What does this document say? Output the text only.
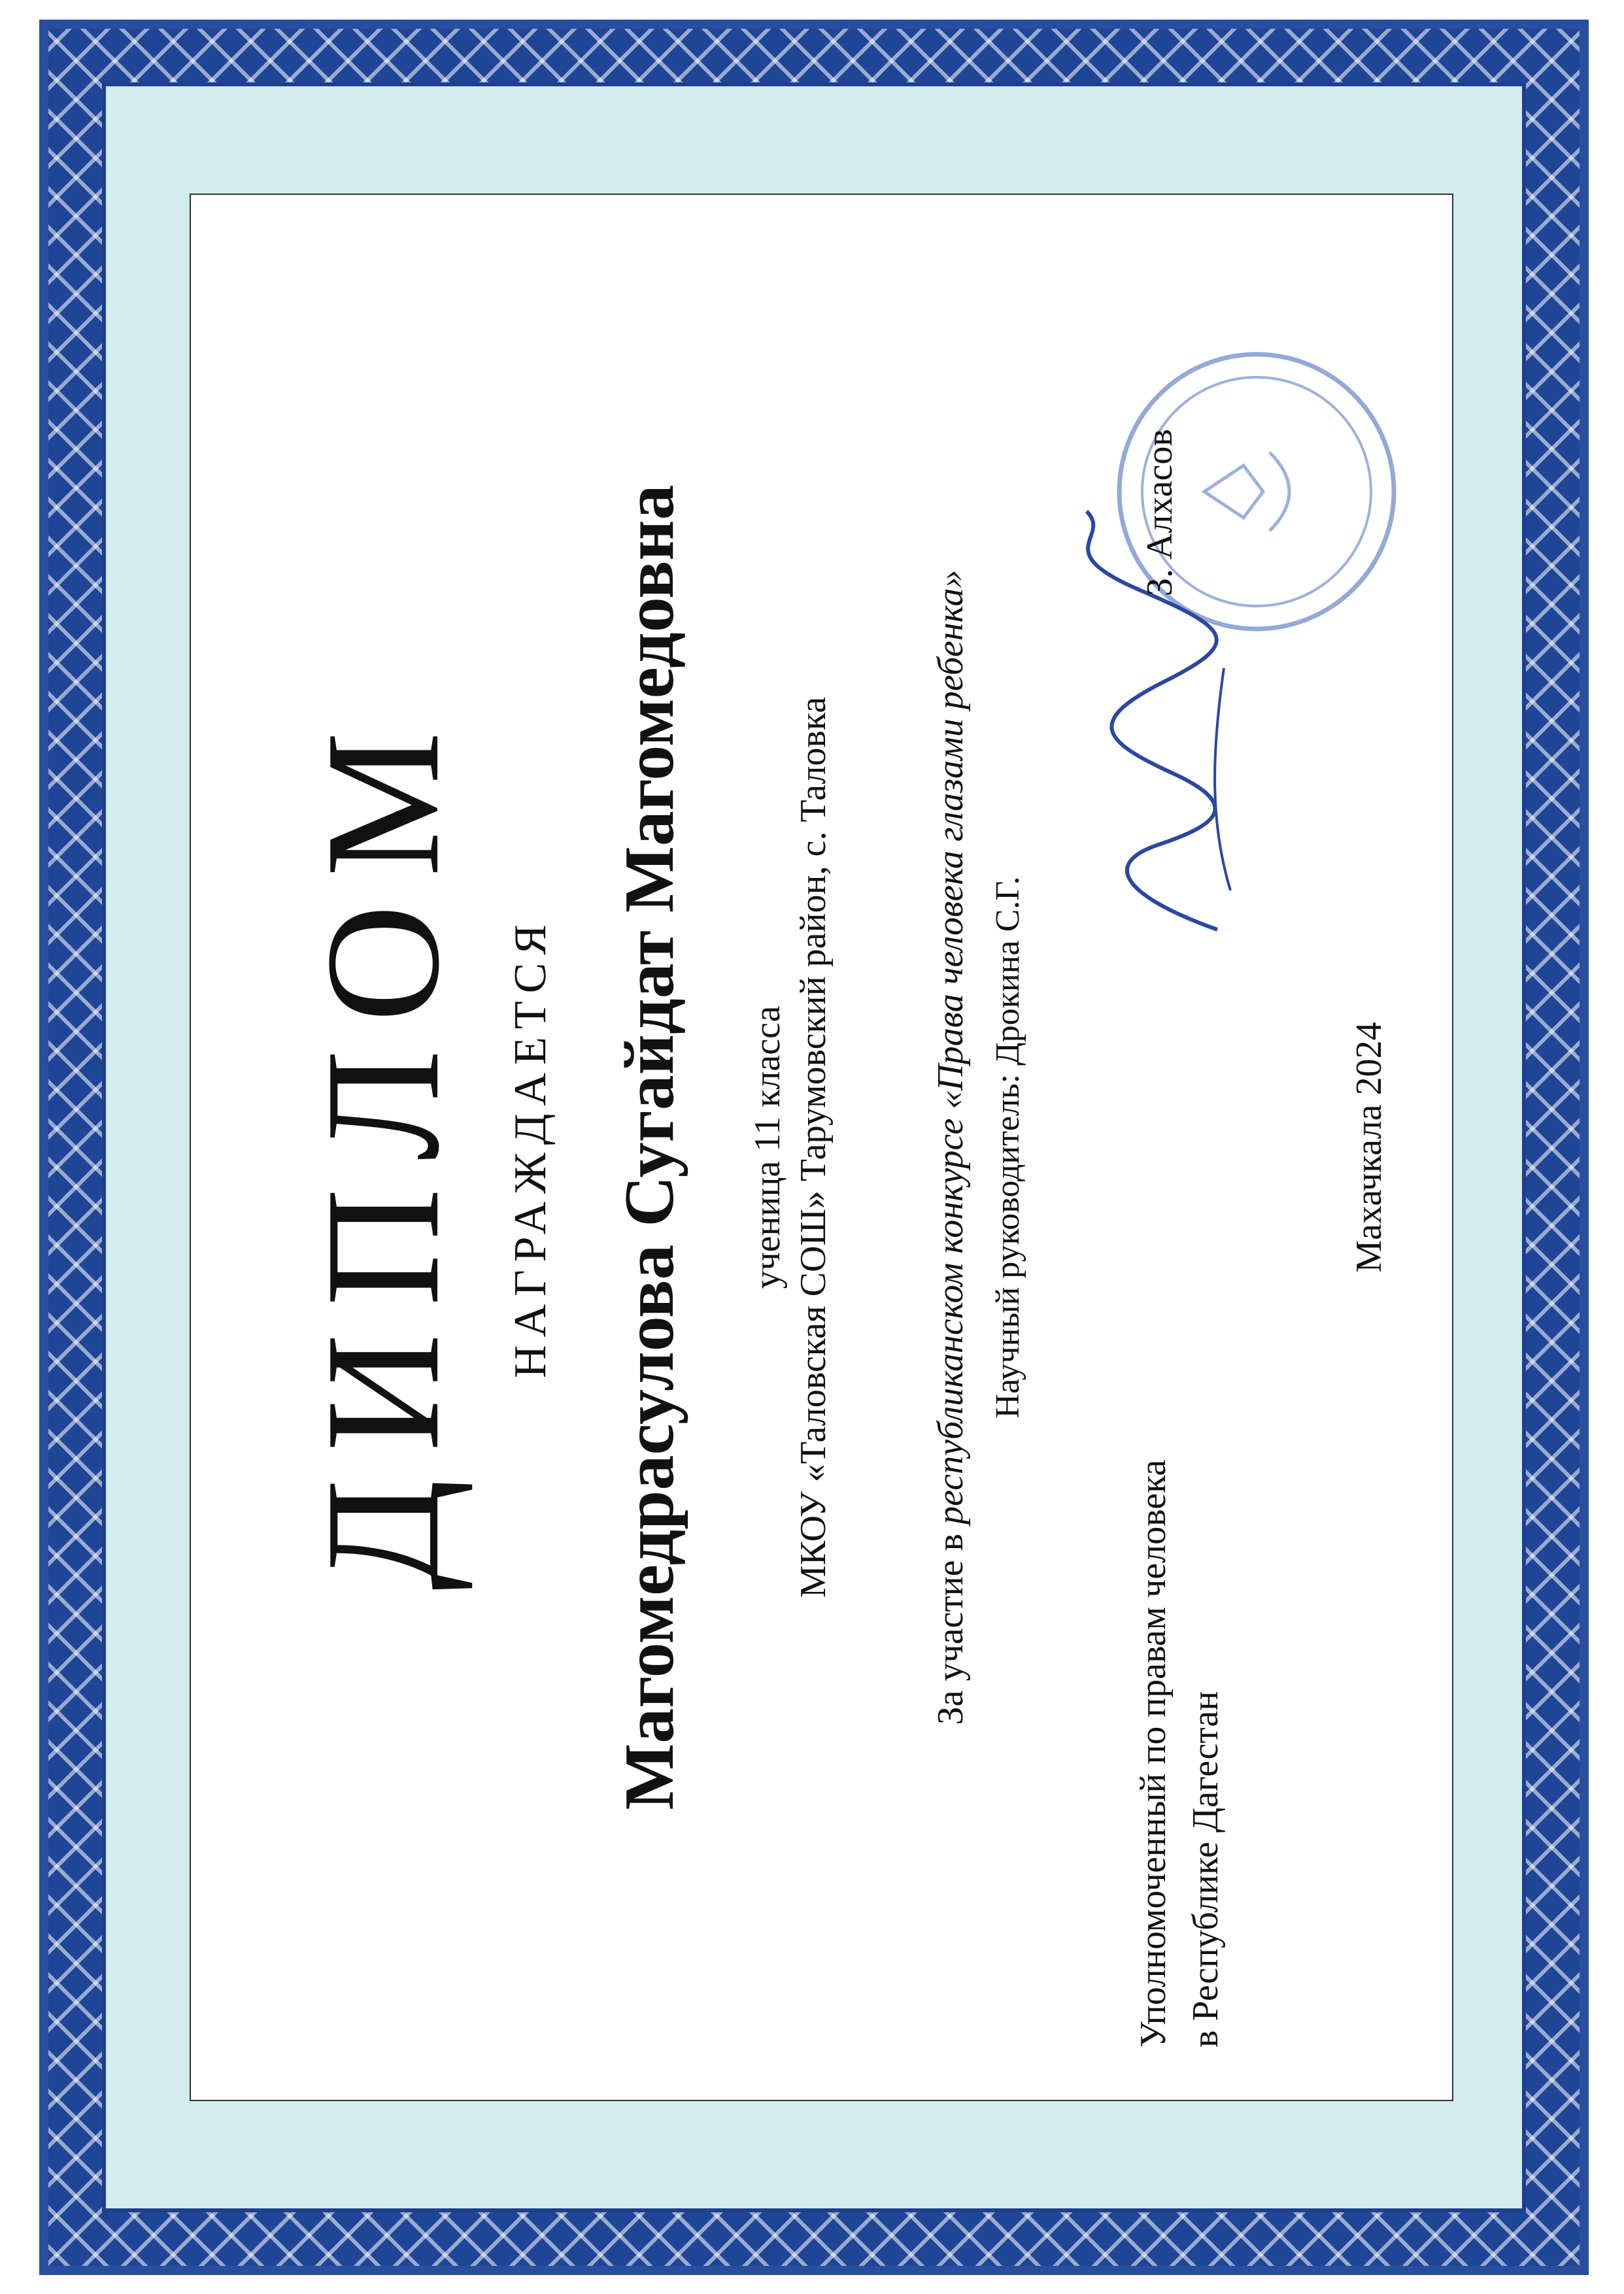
ДИПЛОМ НАГРАЖДАЕТСЯ Магомедрасулова Сугайдат Магомедовна ученица 11 класса МКОУ «Таловская СОШ» Тарумовский район, с. Таловка
За участие в республиканском конкурсе «Права человека глазами ребенка» Научный руководитель: Дрокина С.Г.
Уполномоченный по правам человека в Республике Дагестан
З. Алхасов
Махачкала 2024
